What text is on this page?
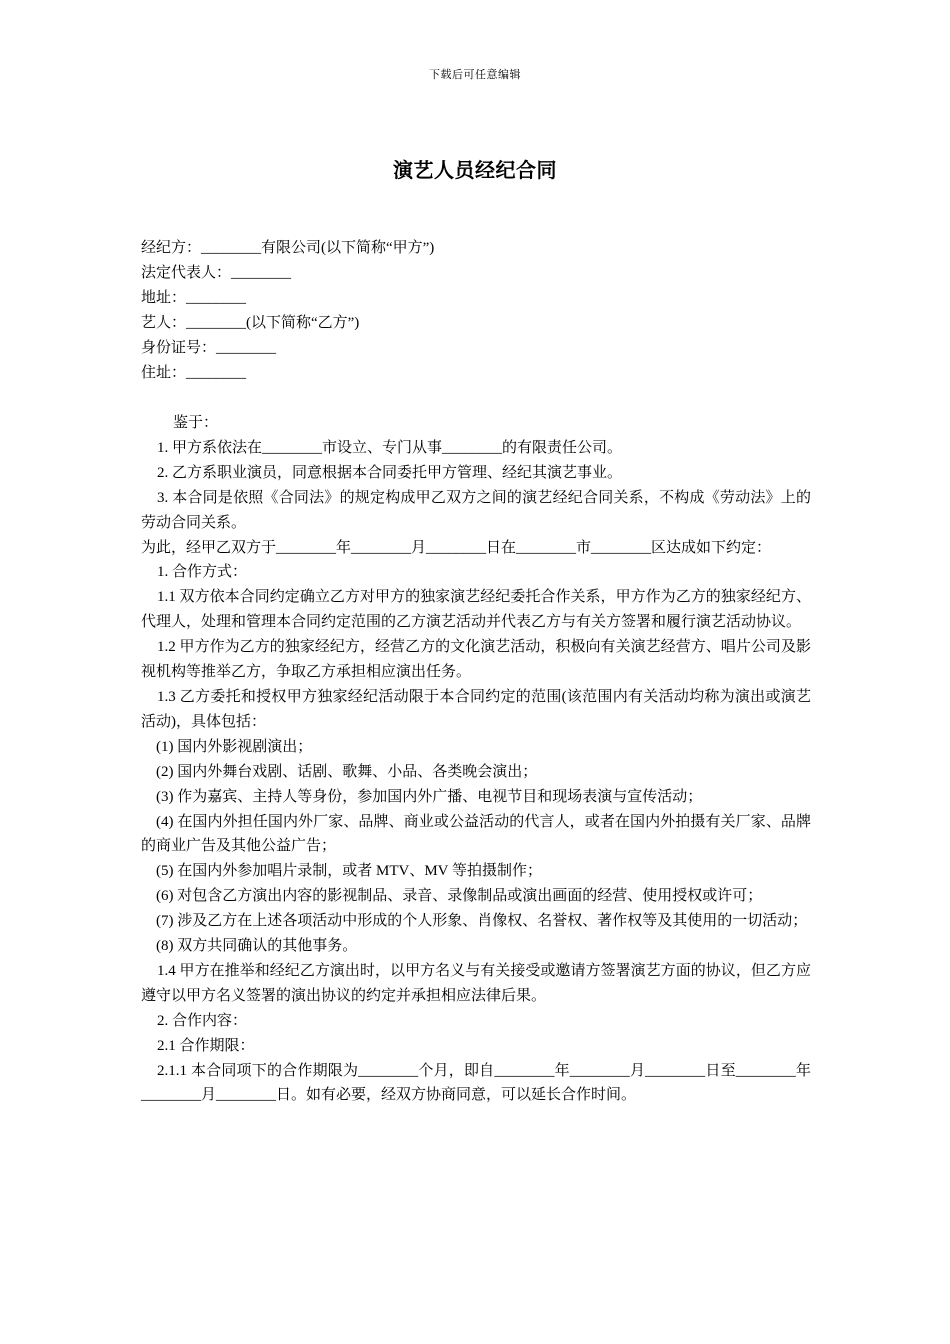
下载后可任意编辑
演艺人员经纪合同
经纪方：________有限公司(以下简称“甲方”)
法定代表人：________
地址：________
艺人：________(以下简称“乙方”)
身份证号：________
住址：________

鉴于：

1. 甲方系依法在________市设立、专门从事________的有限责任公司。

2. 乙方系职业演员，同意根据本合同委托甲方管理、经纪其演艺事业。

3. 本合同是依照《合同法》的规定构成甲乙双方之间的演艺经纪合同关系，不构成《劳动法》上的劳动合同关系。

为此，经甲乙双方于________年________月________日在________市________区达成如下约定：

1. 合作方式：

1.1 双方依本合同约定确立乙方对甲方的独家演艺经纪委托合作关系，甲方作为乙方的独家经纪方、代理人，处理和管理本合同约定范围的乙方演艺活动并代表乙方与有关方签署和履行演艺活动协议。

1.2 甲方作为乙方的独家经纪方，经营乙方的文化演艺活动，积极向有关演艺经营方、唱片公司及影视机构等推举乙方，争取乙方承担相应演出任务。

1.3 乙方委托和授权甲方独家经纪活动限于本合同约定的范围(该范围内有关活动均称为演出或演艺活动)，具体包括：

(1) 国内外影视剧演出；

(2) 国内外舞台戏剧、话剧、歌舞、小品、各类晚会演出；

(3) 作为嘉宾、主持人等身份，参加国内外广播、电视节目和现场表演与宣传活动；

(4) 在国内外担任国内外厂家、品牌、商业或公益活动的代言人，或者在国内外拍摄有关厂家、品牌的商业广告及其他公益广告；

(5) 在国内外参加唱片录制，或者 MTV、MV 等拍摄制作；

(6) 对包含乙方演出内容的影视制品、录音、录像制品或演出画面的经营、使用授权或许可；

(7) 涉及乙方在上述各项活动中形成的个人形象、肖像权、名誉权、著作权等及其使用的一切活动；

(8) 双方共同确认的其他事务。

1.4 甲方在推举和经纪乙方演出时，以甲方名义与有关接受或邀请方签署演艺方面的协议，但乙方应遵守以甲方名义签署的演出协议的约定并承担相应法律后果。

2. 合作内容：

2.1 合作期限：

2.1.1 本合同项下的合作期限为________个月，即自________年________月________日至________年________月________日。如有必要，经双方协商同意，可以延长合作时间。
